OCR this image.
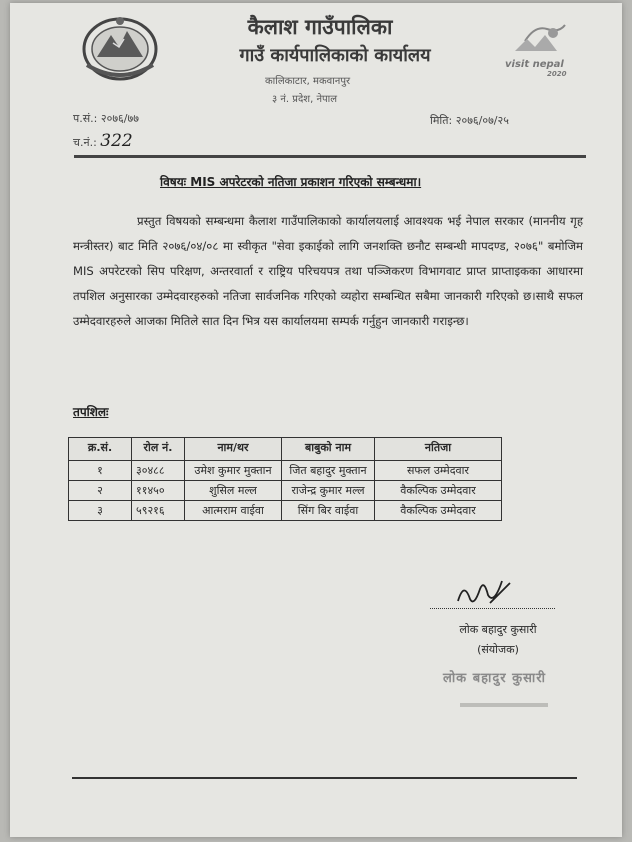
कैलाश गाउँपालिका
गाउँ कार्यपालिकाको कार्यालय
कालिकाटार, मकवानपुर
३ नं. प्रदेश, नेपाल
visit nepal
2020
प.सं.: २०७६/७७
च.नं.: 322
मिति: २०७६/०७/२५
विषयः MIS अपरेटरको नतिजा प्रकाशन गरिएको सम्बन्धमा।

प्रस्तुत विषयको सम्बन्धमा कैलाश गाउँपालिकाको कार्यालयलाई आवश्यक भई नेपाल सरकार (माननीय गृह मन्त्रीस्तर) बाट मिति २०७६/०४/०८ मा स्वीकृत "सेवा इकाईको लागि जनशक्ति छनौट सम्बन्धी मापदण्ड, २०७६" बमोजिम MIS अपरेटरको सिप परिक्षण, अन्तरवार्ता र राष्ट्रिय परिचयपत्र तथा पञ्जिकरण विभागवाट प्राप्त प्राप्ताइकका आधारमा तपशिल अनुसारका उम्मेदवारहरुको नतिजा सार्वजनिक गरिएको व्यहोरा सम्बन्धित सबैमा जानकारी गरिएको छ।साथै सफल उम्मेदवारहरुले आजका मितिले सात दिन भित्र यस कार्यालयमा सम्पर्क गर्नुहुन जानकारी गराइन्छ।

तपशिलः
क्र.सं.	रोल नं.	नाम/थर	बाबुको नाम	नतिजा
१	३०४८८	उमेश कुमार मुक्तान	जित बहादुर मुक्तान	सफल उम्मेदवार
२	११४५०	शुसिल मल्ल	राजेन्द्र कुमार मल्ल	वैकल्पिक उम्मेदवार
३	५९२१६	आत्मराम वाईवा	सिंग बिर वाईवा	वैकल्पिक उम्मेदवार
लोक बहादुर कुसारी
(संयोजक)
लोक बहादुर कुसारी
